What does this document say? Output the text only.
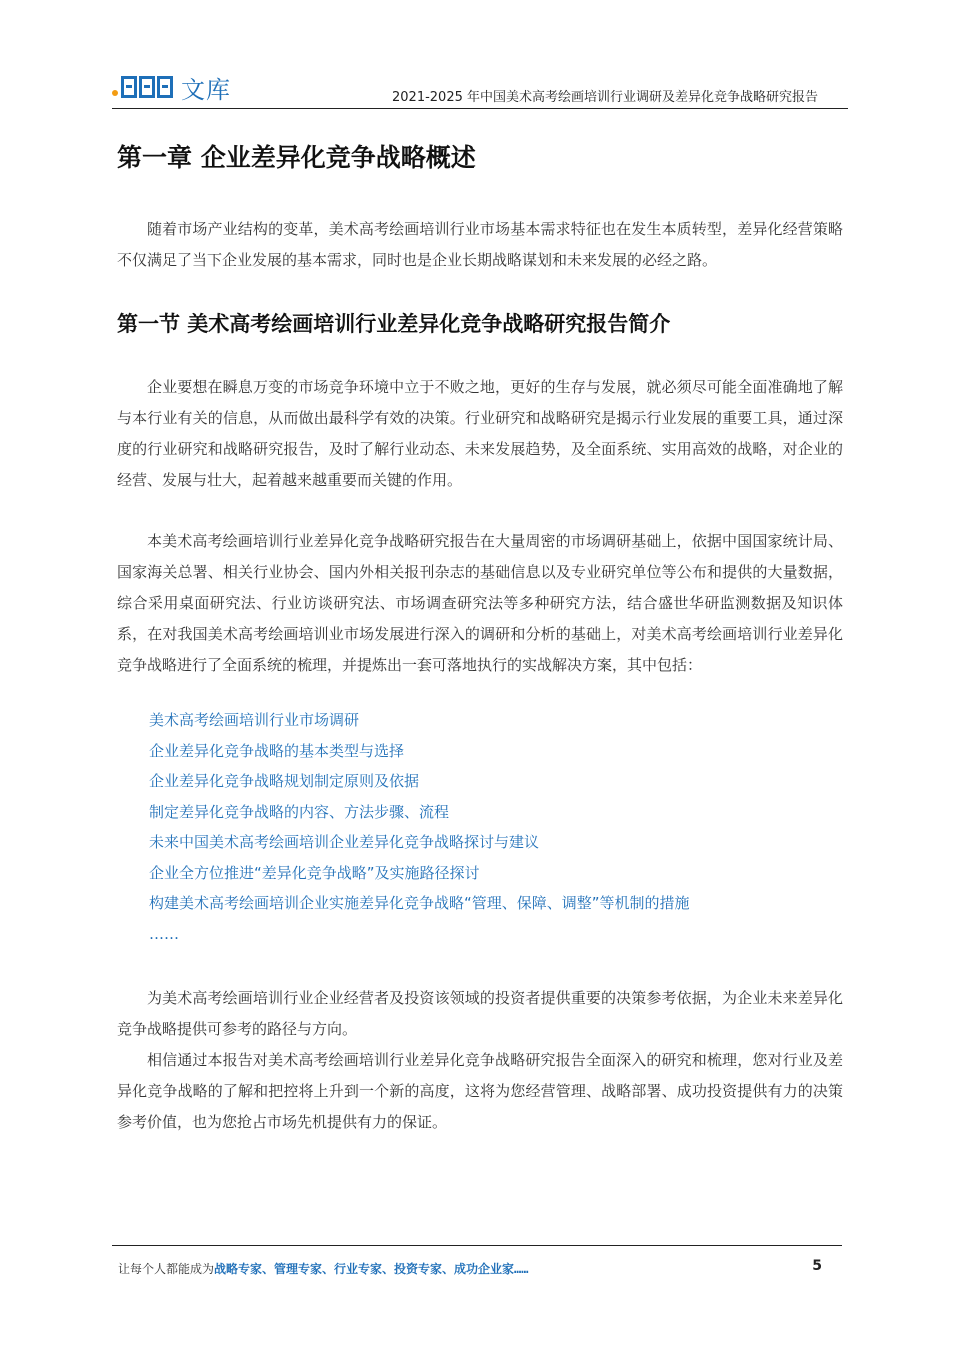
文库	2021-2025 年中国美术高考绘画培训行业调研及差异化竞争战略研究报告
第一章 企业差异化竞争战略概述

随着市场产业结构的变革，美术高考绘画培训行业市场基本需求特征也在发生本质转型，差异化经营策略不仅满足了当下企业发展的基本需求，同时也是企业长期战略谋划和未来发展的必经之路。

第一节 美术高考绘画培训行业差异化竞争战略研究报告简介

企业要想在瞬息万变的市场竞争环境中立于不败之地，更好的生存与发展，就必须尽可能全面准确地了解与本行业有关的信息，从而做出最科学有效的决策。行业研究和战略研究是揭示行业发展的重要工具，通过深度的行业研究和战略研究报告，及时了解行业动态、未来发展趋势，及全面系统、实用高效的战略，对企业的经营、发展与壮大，起着越来越重要而关键的作用。

本美术高考绘画培训行业差异化竞争战略研究报告在大量周密的市场调研基础上，依据中国国家统计局、国家海关总署、相关行业协会、国内外相关报刊杂志的基础信息以及专业研究单位等公布和提供的大量数据，综合采用桌面研究法、行业访谈研究法、市场调查研究法等多种研究方法，结合盛世华研监测数据及知识体系，在对我国美术高考绘画培训业市场发展进行深入的调研和分析的基础上，对美术高考绘画培训行业差异化竞争战略进行了全面系统的梳理，并提炼出一套可落地执行的实战解决方案，其中包括：

美术高考绘画培训行业市场调研
企业差异化竞争战略的基本类型与选择
企业差异化竞争战略规划制定原则及依据
制定差异化竞争战略的内容、方法步骤、流程
未来中国美术高考绘画培训企业差异化竞争战略探讨与建议
企业全方位推进“差异化竞争战略”及实施路径探讨
构建美术高考绘画培训企业实施差异化竞争战略“管理、保障、调整”等机制的措施
……

为美术高考绘画培训行业企业经营者及投资该领域的投资者提供重要的决策参考依据，为企业未来差异化竞争战略提供可参考的路径与方向。

相信通过本报告对美术高考绘画培训行业差异化竞争战略研究报告全面深入的研究和梳理，您对行业及差异化竞争战略的了解和把控将上升到一个新的高度，这将为您经营管理、战略部署、成功投资提供有力的决策参考价值，也为您抢占市场先机提供有力的保证。

让每个人都能成为战略专家、管理专家、行业专家、投资专家、成功企业家……	5
